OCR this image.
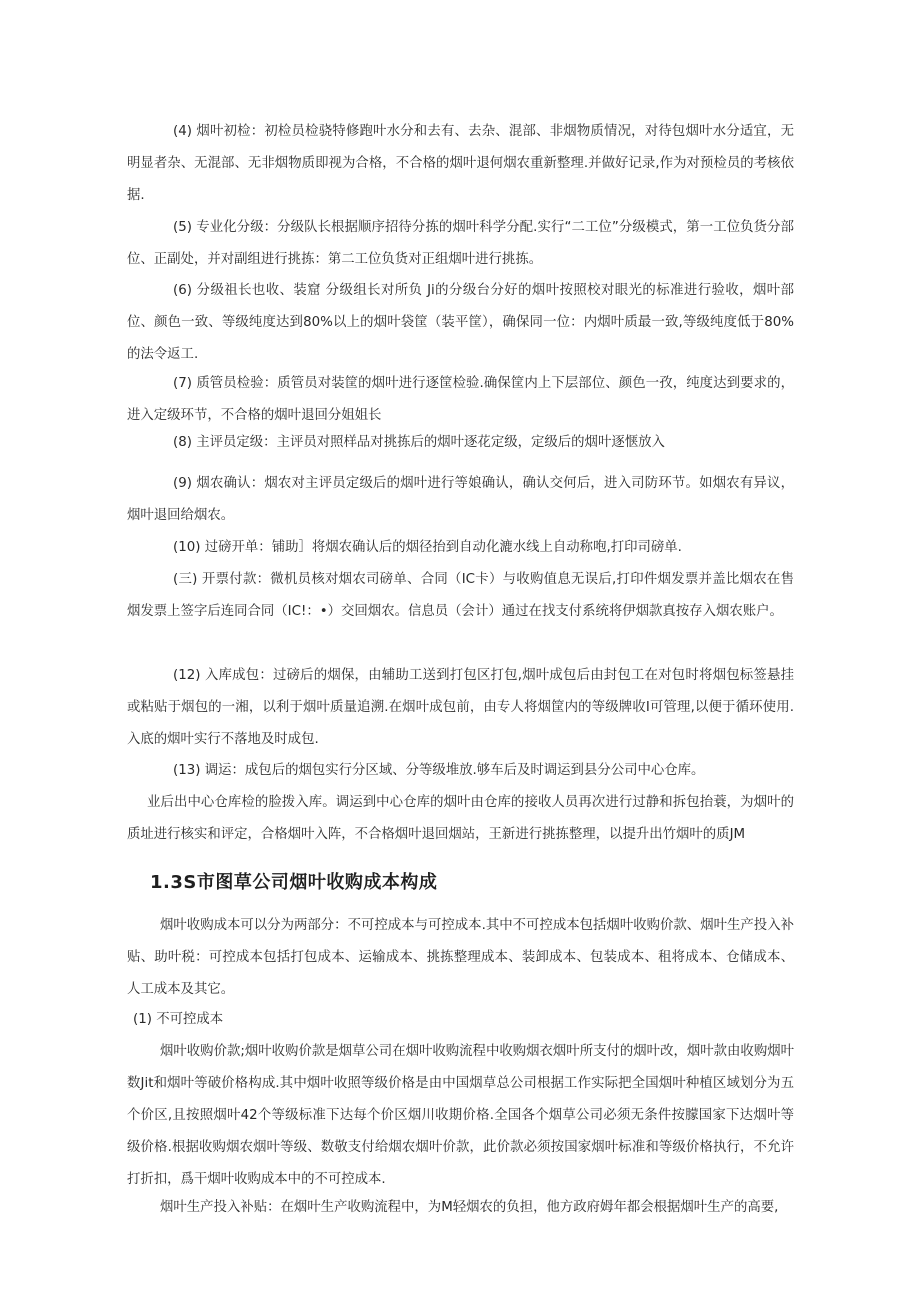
(4) 烟叶初检：初检员检骁特修跑叶水分和去有、去杂、混部、非烟物质情况，对待包烟叶水分适宜，无明显者杂、无混部、无非烟物质即视为合格，不合格的烟叶退何烟农重新整理.并做好记录,作为对预检员的考核依据.

(5) 专业化分级：分级队长根据顺序招待分拣的烟叶科学分配.实行“二工位”分级模式，第一工位负货分部位、正副处，并对副组进行挑拣：第二工位负货对正组烟叶进行挑拣。

(6) 分级祖长也收、装窟 分级组长对所负 Ji的分级台分好的烟叶按照校对眼光的标准进行验收，烟叶部位、颜色一致、等级纯度达到80%以上的烟叶袋筐（装平筐），确保同一位：内烟叶质最一致,等级纯度低于80%的法令返工.

(7) 质管员检验：质管员对装筐的烟叶进行逐筐检验.确保筐内上下层部位、颜色一孜，纯度达到要求的，进入定级环节，不合格的烟叶退回分姐姐长

(8) 主评员定级：主评员对照样品对挑拣后的烟叶逐花定级，定级后的烟叶逐惬放入

(9) 烟农确认：烟农对主评员定级后的烟叶进行等娘确认，确认交何后，进入司防环节。如烟农有异议，烟叶退回给烟农。

(10) 过磅开单：铺助］将烟农确认后的烟径抬到自动化漉水线上自动称咆,打印司磅单.

(三) 开票付款：微机员核对烟农司磅单、合同（IC卡）与收购值息无误后,打印件烟发票并盖比烟农在售烟发票上签字后连同合同（IC!：•）交回烟农。信息员（会计）通过在找支付系统将伊烟款真按存入烟农账户。

(12) 入库成包：过磅后的烟保，由辅助工送到打包区打包,烟叶成包后由封包工在对包时将烟包标签悬挂或粘贴于烟包的一湘，以利于烟叶质量追溯.在烟叶成包前，由专人将烟筐内的等级牌收I可管理,以便于循环使用.入底的烟叶实行不落地及时成包.

(13) 调运：成包后的烟包实行分区域、分等级堆放.够车后及时调运到县分公司中心仓库。

业后出中心仓库检的脸拨入库。调运到中心仓库的烟叶由仓库的接收人员再次进行过静和拆包抬蓑，为烟叶的质址进行核实和评定，合格烟叶入阵，不合格烟叶退回烟站，王新进行挑拣整理，以提升出竹烟叶的质JM

1.3S市图草公司烟叶收购成本构成

烟叶收购成本可以分为两部分：不可控成本与可控成本.其中不可控成本包括烟叶收购价款、烟叶生产投入补贴、助叶税：可控成本包括打包成本、运输成本、挑拣整理成本、装卸成本、包装成本、租将成本、仓储成本、人工成本及其它。

(1) 不可控成本

烟叶收购价款;烟叶收购价款是烟草公司在烟叶收购流程中收购烟衣烟叶所支付的烟叶改，烟叶款由收购烟叶数Jit和烟叶等破价格构成.其中烟叶收照等级价格是由中国烟草总公司根据工作实际把全国烟叶种植区域划分为五个价区,且按照烟叶42个等级标准下达每个价区烟川收期价格.全国各个烟草公司必须无条件按朦国家下达烟叶等级价格.根据收购烟农烟叶等级、数敬支付给烟农烟叶价款，此价款必须按国家烟叶标准和等级价格执行，不允许打折扣，爲干烟叶收购成本中的不可控成本.

烟叶生产投入补贴：在烟叶生产收购流程中，为M轻烟农的负担，他方政府姆年都会根据烟叶生产的高要,
